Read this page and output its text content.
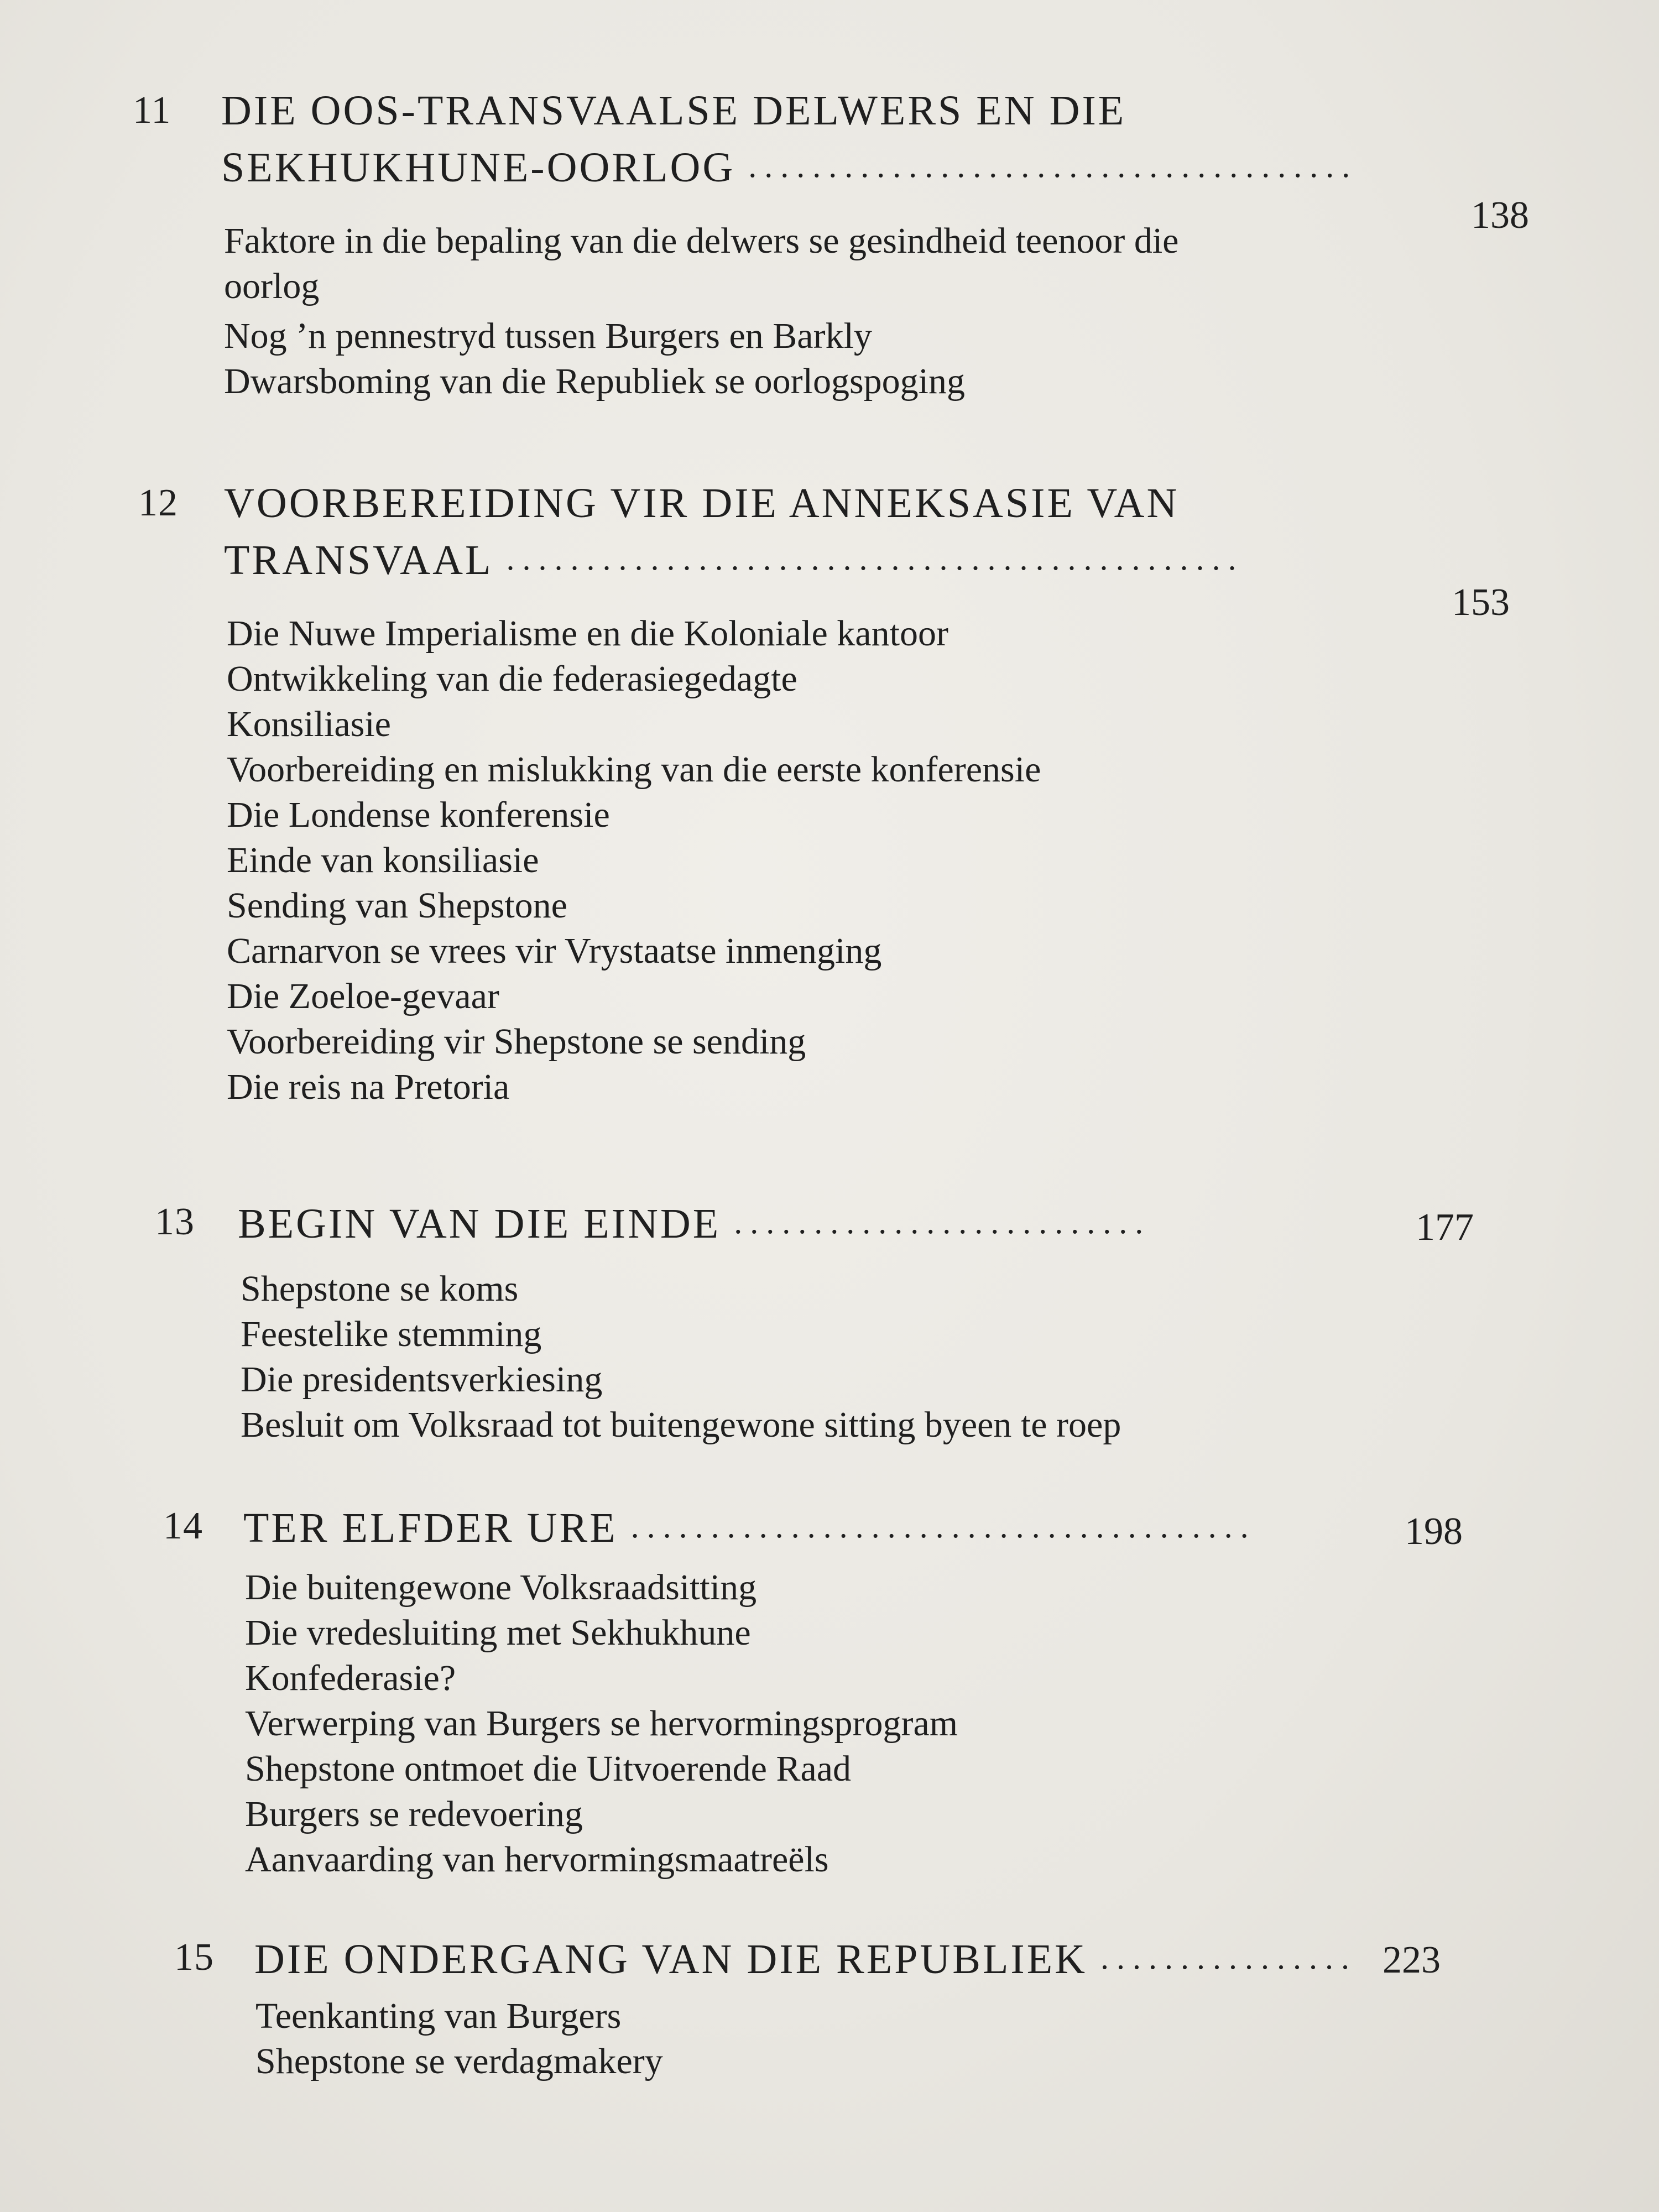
11 DIE OOS-TRANSVAALSE DELWERS EN DIE
SEKHUKHUNE-OORLOG ......................................
138
Faktore in die bepaling van die delwers se gesindheid teenoor die
oorlog
Nog ’n pennestryd tussen Burgers en Barkly
Dwarsboming van die Republiek se oorlogspoging
12 VOORBEREIDING VIR DIE ANNEKSASIE VAN
TRANSVAAL ..............................................
153
Die Nuwe Imperialisme en die Koloniale kantoor
Ontwikkeling van die federasiegedagte
Konsiliasie
Voorbereiding en mislukking van die eerste konferensie
Die Londense konferensie
Einde van konsiliasie
Sending van Shepstone
Carnarvon se vrees vir Vrystaatse inmenging
Die Zoeloe-gevaar
Voorbereiding vir Shepstone se sending
Die reis na Pretoria
13 BEGIN VAN DIE EINDE ..........................	177
Shepstone se koms
Feestelike stemming
Die presidentsverkiesing
Besluit om Volksraad tot buitengewone sitting byeen te roep
14 TER ELFDER URE .......................................	198
Die buitengewone Volksraadsitting
Die vredesluiting met Sekhukhune
Konfederasie?
Verwerping van Burgers se hervormingsprogram
Shepstone ontmoet die Uitvoerende Raad
Burgers se redevoering
Aanvaarding van hervormingsmaatreëls
15 DIE ONDERGANG VAN DIE REPUBLIEK ................ 223
Teenkanting van Burgers
Shepstone se verdagmakery
